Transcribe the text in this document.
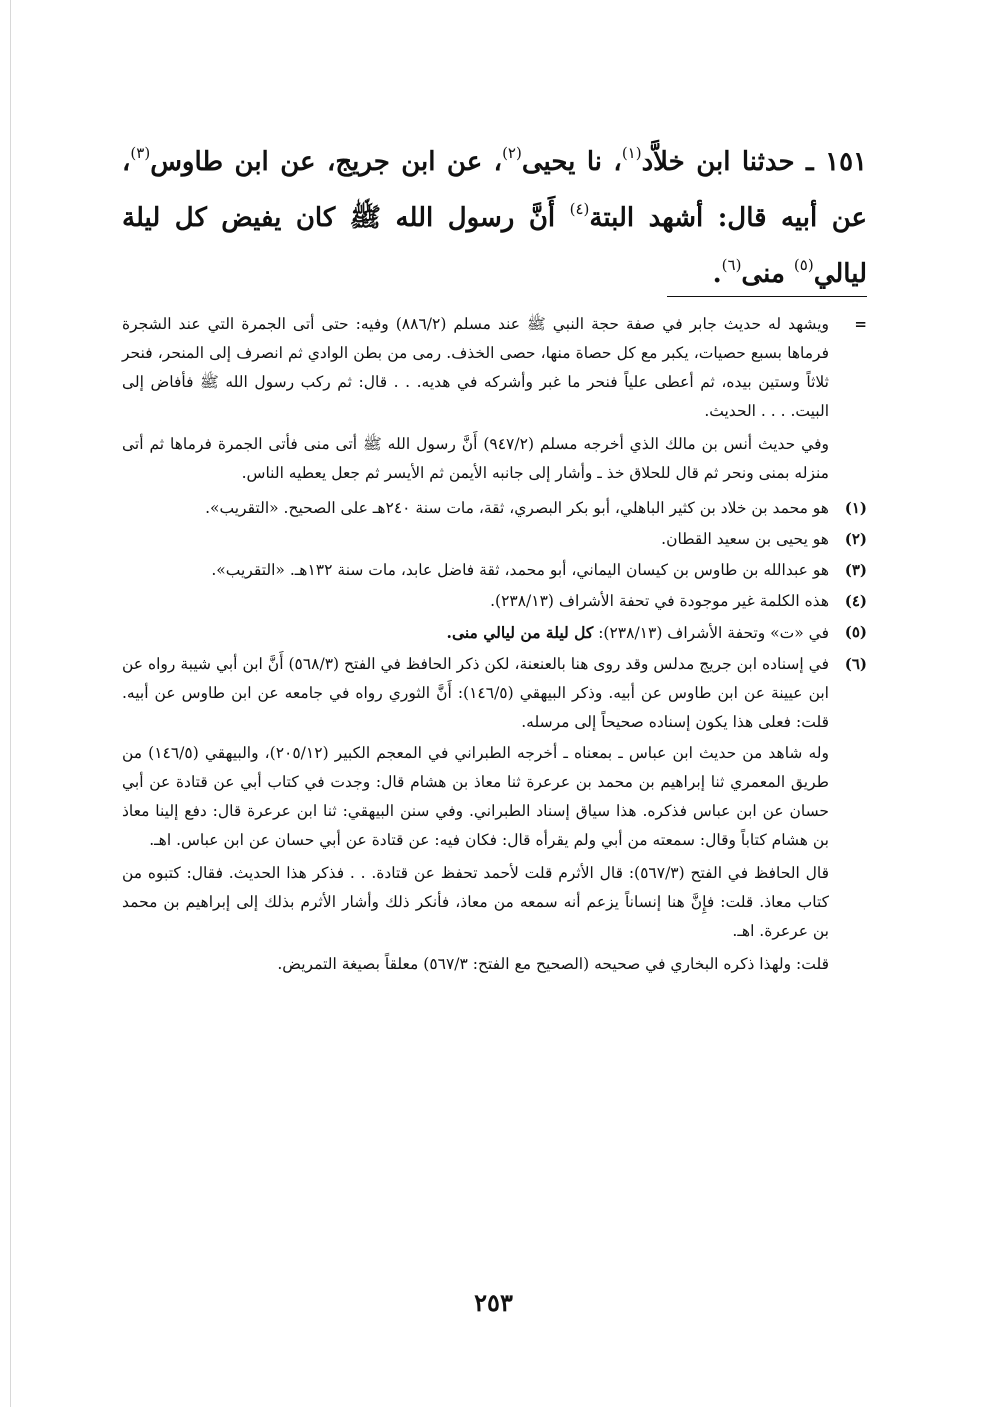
١٥١ ـ حدثنا ابن خلاَّد$^{(١)}$، نا يحيى$^{(٢)}$، عن ابن جريج، عن ابن طاوس$^{(٣)}$، عن أبيه قال: أشهد البتة$^{(٤)}$ أَنَّ رسول الله ﷺ كان يفيض كل ليلة ليالي$^{(٥)}$ منى$^{(٦)}$.

=

ويشهد له حديث جابر في صفة حجة النبي ﷺ عند مسلم (٨٨٦/٢) وفيه: حتى أتى الجمرة التي عند الشجرة فرماها بسبع حصيات، يكبر مع كل حصاة منها، حصى الخذف. رمى من بطن الوادي ثم انصرف إلى المنحر، فنحر ثلاثاً وستين بيده، ثم أعطى علياً فنحر ما غبر وأشركه في هديه. . . قال: ثم ركب رسول الله ﷺ فأفاض إلى البيت. . . . الحديث.

وفي حديث أنس بن مالك الذي أخرجه مسلم (٩٤٧/٢) أَنَّ رسول الله ﷺ أتى منى فأتى الجمرة فرماها ثم أتى منزله بمنى ونحر ثم قال للحلاق خذ ـ وأشار إلى جانبه الأيمن ثم الأيسر ثم جعل يعطيه الناس.

(١)
هو محمد بن خلاد بن كثير الباهلي، أبو بكر البصري، ثقة، مات سنة ٢٤٠هـ على الصحيح. «التقريب».
(٢)
هو يحيى بن سعيد القطان.
(٣)
هو عبدالله بن طاوس بن كيسان اليماني، أبو محمد، ثقة فاضل عابد، مات سنة ١٣٢هـ. «التقريب».
(٤)
هذه الكلمة غير موجودة في تحفة الأشراف (٢٣٨/١٣).
(٥)
في «ت» وتحفة الأشراف (٢٣٨/١٣): كل ليلة من ليالي منى.
(٦)
في إسناده ابن جريج مدلس وقد روى هنا بالعنعنة، لكن ذكر الحافظ في الفتح (٥٦٨/٣) أَنَّ ابن أبي شيبة رواه عن ابن عيينة عن ابن طاوس عن أبيه. وذكر البيهقي (١٤٦/٥): أَنَّ الثوري رواه في جامعه عن ابن طاوس عن أبيه. قلت: فعلى هذا يكون إسناده صحيحاً إلى مرسله.

وله شاهد من حديث ابن عباس ـ بمعناه ـ أخرجه الطبراني في المعجم الكبير (٢٠٥/١٢)، والبيهقي (١٤٦/٥) من طريق المعمري ثنا إبراهيم بن محمد بن عرعرة ثنا معاذ بن هشام قال: وجدت في كتاب أبي عن قتادة عن أبي حسان عن ابن عباس فذكره. هذا سياق إسناد الطبراني. وفي سنن البيهقي: ثنا ابن عرعرة قال: دفع إلينا معاذ بن هشام كتاباً وقال: سمعته من أبي ولم يقرأه قال: فكان فيه: عن قتادة عن أبي حسان عن ابن عباس. اهـ.

قال الحافظ في الفتح (٥٦٧/٣): قال الأثرم قلت لأحمد تحفظ عن قتادة. . . فذكر هذا الحديث. فقال: كتبوه من كتاب معاذ. قلت: فإِنَّ هنا إنساناً يزعم أنه سمعه من معاذ، فأنكر ذلك وأشار الأثرم بذلك إلى إبراهيم بن محمد بن عرعرة. اهـ.

قلت: ولهذا ذكره البخاري في صحيحه (الصحيح مع الفتح: ٥٦٧/٣) معلقاً بصيغة التمريض.

٢٥٣
